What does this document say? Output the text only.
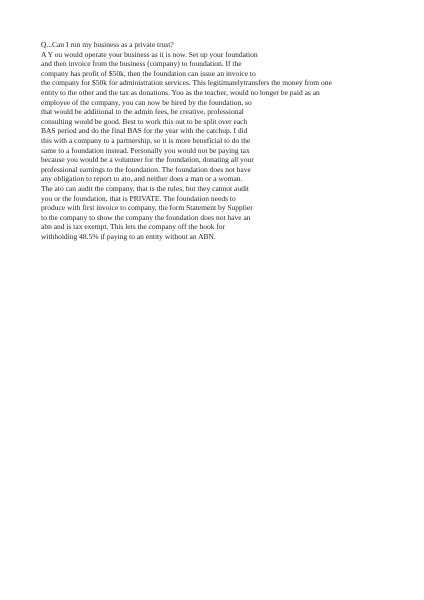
Q...Can I run my business as a private trust?
A Y ou would operate your business as it is now. Set up your foundation
and then invoice from the business (company) to foundation. If the
company has profit of $50k, then the foundation can issue an invoice to
the company for $50k for administration services. This legitimatelytransfers the money from one
entity to the other and the tax as donations. You as the teacher, would no longer be paid as an
employee of the company, you can now be hired by the foundation, so
that would be additional to the admin fees, be creative, professional
consulting would be good. Best to work this out to be split over each
BAS period and do the final BAS for the year with the catchup. I did
this with a company to a partnership, so it is more beneficial to do the
same to a foundation instead. Personally you would not be paying tax
because you would be a volunteer for the foundation, donating all your
professional earnings to the foundation. The foundation does not have
any obligation to report to ato, and neither does a man or a woman.
The ato can audit the company, that is the rules, but they cannot audit
you or the foundation, that is PRIVATE. The foundation needs to
produce with first invoice to company, the form Statement by Supplier
to the company to show the company the foundation does not have an
abn and is tax exempt. This lets the company off the hook for
withholding 48.5% if paying to an entity without an ABN.
